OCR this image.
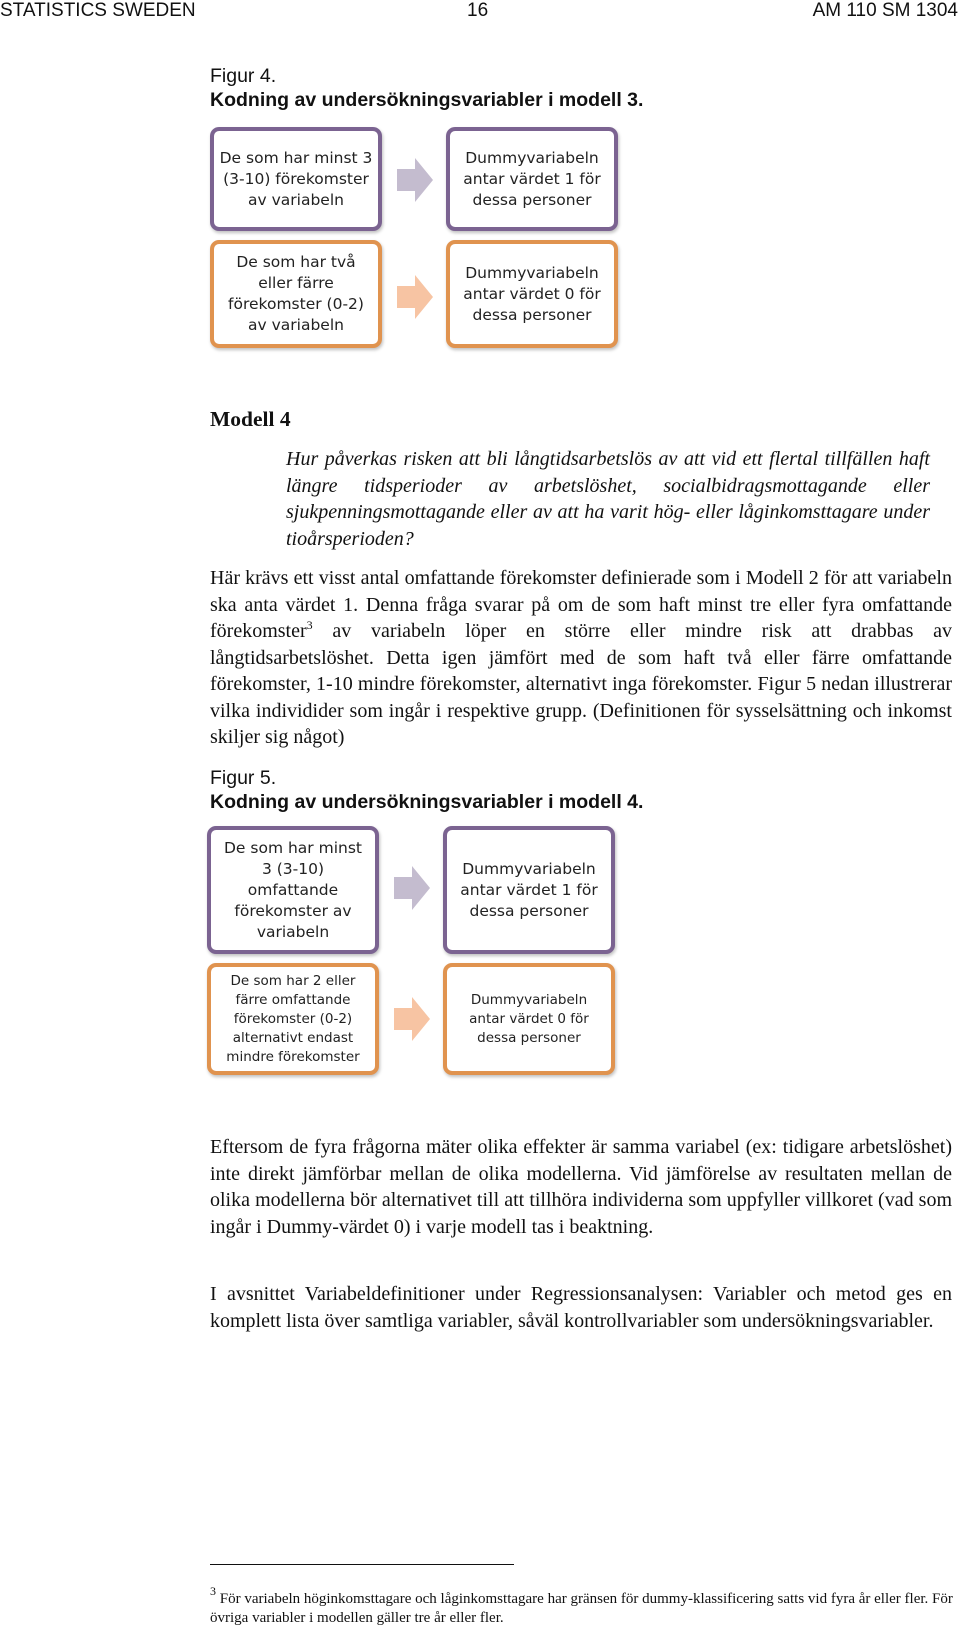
STATISTICS SWEDEN	16	AM 110 SM 1304
Figur 4.
Kodning av undersökningsvariabler i modell 3.
De som har minst 3
(3-10) förekomster
av variabeln
Dummyvariabeln
antar värdet 1 för
dessa personer
De som har två
eller färre
förekomster (0-2)
av variabeln
Dummyvariabeln
antar värdet 0 för
dessa personer
Modell 4
Hur påverkas risken att bli långtidsarbetslös av att vid ett flertal tillfällen haft längre tidsperioder av arbetslöshet, socialbidragsmottagande eller sjukpenningsmottagande eller av att ha varit hög- eller låginkomsttagare under tioårsperioden?
Här krävs ett visst antal omfattande förekomster definierade som i Modell 2 för att variabeln ska anta värdet 1. Denna fråga svarar på om de som haft minst tre eller fyra omfattande förekomster$^3$ av variabeln löper en större eller mindre risk att drabbas av långtidsarbetslöshet. Detta igen jämfört med de som haft två eller färre omfattande förekomster, 1-10 mindre förekomster, alternativt inga förekomster. Figur 5 nedan illustrerar vilka individider som ingår i respektive grupp. (Definitionen för sysselsättning och inkomst skiljer sig något)
Figur 5.
Kodning av undersökningsvariabler i modell 4.
De som har minst
3 (3-10)
omfattande
förekomster av
variabeln
Dummyvariabeln
antar värdet 1 för
dessa personer
De som har 2 eller
färre omfattande
förekomster (0-2)
alternativt endast
mindre förekomster
Dummyvariabeln
antar värdet 0 för
dessa personer
Eftersom de fyra frågorna mäter olika effekter är samma variabel (ex: tidigare arbetslöshet) inte direkt jämförbar mellan de olika modellerna. Vid jämförelse av resultaten mellan de olika modellerna bör alternativet till att tillhöra individerna som uppfyller villkoret (vad som ingår i Dummy-värdet 0) i varje modell tas i beaktning.
I avsnittet Variabeldefinitioner under Regressionsanalysen: Variabler och metod ges en komplett lista över samtliga variabler, såväl kontrollvariabler som undersökningsvariabler.
$^3$ För variabeln höginkomsttagare och låginkomsttagare har gränsen för dummy-klassificering satts vid fyra år eller fler. För övriga variabler i modellen gäller tre år eller fler.
